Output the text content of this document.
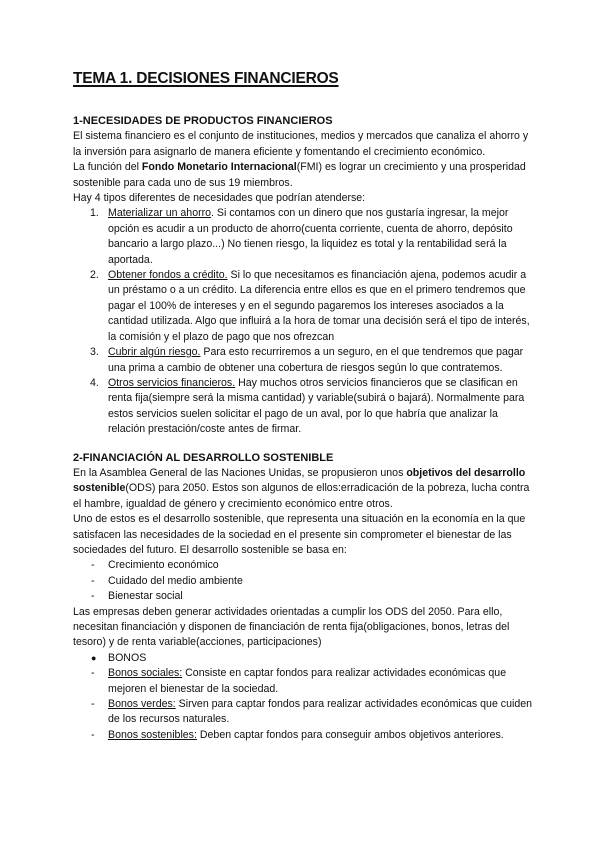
TEMA 1. DECISIONES FINANCIEROS
1-NECESIDADES DE PRODUCTOS FINANCIEROS

El sistema financiero es el conjunto de instituciones, medios y mercados que canaliza el ahorro y la inversión para asignarlo de manera eficiente y fomentando el crecimiento económico.

La función del Fondo Monetario Internacional(FMI) es lograr un crecimiento y una prosperidad sostenible para cada uno de sus 19 miembros.

Hay 4 tipos diferentes de necesidades que podrían atenderse:

1. Materializar un ahorro. Si contamos con un dinero que nos gustaría ingresar, la mejor opción es acudir a un producto de ahorro(cuenta corriente, cuenta de ahorro, depósito bancario a largo plazo...) No tienen riesgo, la liquidez es total y la rentabilidad será la aportada.
2. Obtener fondos a crédito. Si lo que necesitamos es financiación ajena, podemos acudir a un préstamo o a un crédito. La diferencia entre ellos es que en el primero tendremos que pagar el 100% de intereses y en el segundo pagaremos los intereses asociados a la cantidad utilizada. Algo que influirá a la hora de tomar una decisión será el tipo de interés, la comisión y el plazo de pago que nos ofrezcan
3. Cubrir algún riesgo. Para esto recurriremos a un seguro, en el que tendremos que pagar una prima a cambio de obtener una cobertura de riesgos según lo que contratemos.
4. Otros servicios financieros. Hay muchos otros servicios financieros que se clasifican en renta fija(siempre será la misma cantidad) y variable(subirá o bajará). Normalmente para estos servicios suelen solicitar el pago de un aval, por lo que habría que analizar la relación prestación/coste antes de firmar.
2-FINANCIACIÓN AL DESARROLLO SOSTENIBLE

En la Asamblea General de las Naciones Unidas, se propusieron unos objetivos del desarrollo sostenible(ODS) para 2050. Estos son algunos de ellos:erradicación de la pobreza, lucha contra el hambre, igualdad de género y crecimiento económico entre otros.

Uno de estos es el desarrollo sostenible, que representa una situación en la economía en la que satisfacen las necesidades de la sociedad en el presente sin comprometer el bienestar de las sociedades del futuro. El desarrollo sostenible se basa en:

- Crecimiento económico
- Cuidado del medio ambiente
- Bienestar social

Las empresas deben generar actividades orientadas a cumplir los ODS del 2050. Para ello, necesitan financiación y disponen de financiación de renta fija(obligaciones, bonos, letras del tesoro) y de renta variable(acciones, participaciones)

● BONOS
- Bonos sociales: Consiste en captar fondos para realizar actividades económicas que mejoren el bienestar de la sociedad.
- Bonos verdes: Sirven para captar fondos para realizar actividades económicas que cuiden de los recursos naturales.
- Bonos sostenibles: Deben captar fondos para conseguir ambos objetivos anteriores.
